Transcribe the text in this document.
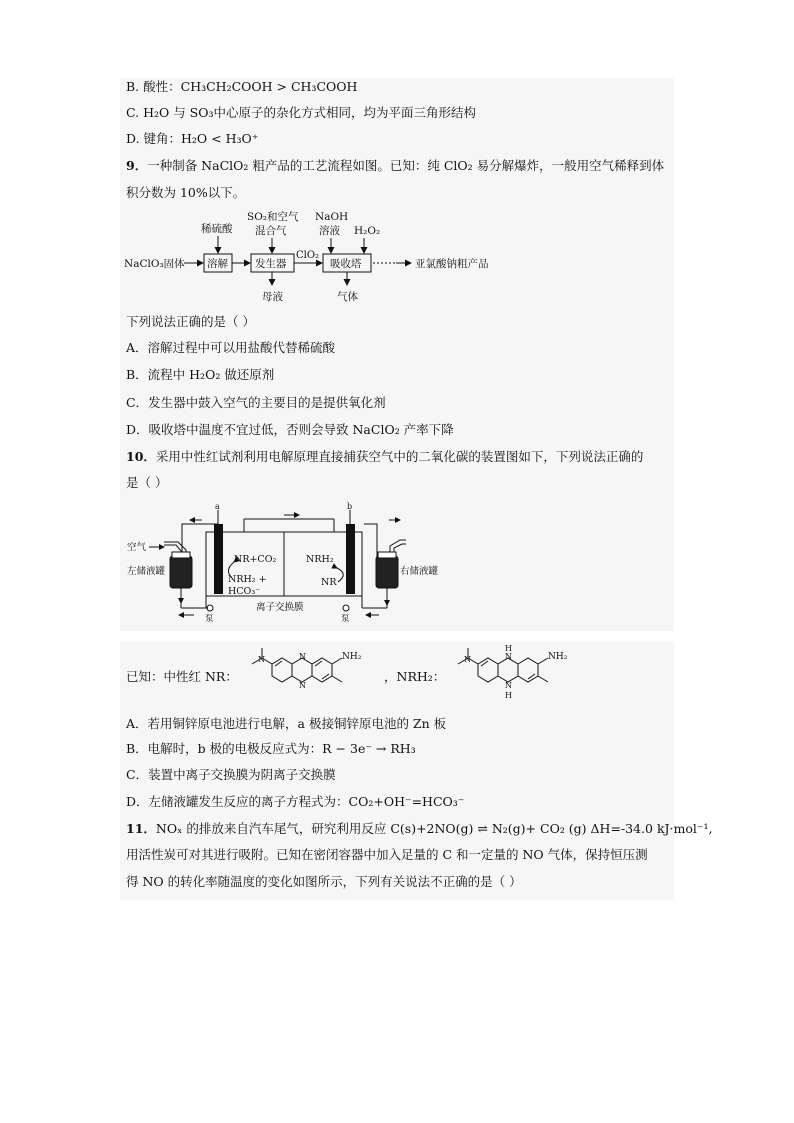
B. 酸性：CH₃CH₂COOH > CH₃COOH
C. H₂O 与 SO₃中心原子的杂化方式相同，均为平面三角形结构
D. 键角：H₂O < H₃O⁺
9．一种制备 NaClO₂ 粗产品的工艺流程如图。已知：纯 ClO₂ 易分解爆炸，一般用空气稀释到体
积分数为 10%以下。
NaClO₃固体 溶解	发生器
ClO₂
吸收塔	亚氯酸钠粗产品
稀硫酸
SO₂和空气
混合气
NaOH
溶液 H₂O₂
母液	气体
下列说法正确的是（ ）
A．溶解过程中可以用盐酸代替稀硫酸
B．流程中 H₂O₂ 做还原剂
C．发生器中鼓入空气的主要目的是提供氧化剂
D．吸收塔中温度不宜过低，否则会导致 NaClO₂ 产率下降
10．采用中性红试剂利用电解原理直接捕获空气中的二氧化碳的装置图如下，下列说法正确的
是（ ）
a	b
NR+CO₂
NRH₂ +
HCO₃⁻
NRH₂
NR
空气
左储液罐
泵
右储液罐
泵
离子交换膜
已知：中性红 NR：
N
N
N	NH₂
，NRH₂：
H
N
N
H
N	NH₂
A．若用铜锌原电池进行电解，a 极接铜锌原电池的 Zn 板
B．电解时，b 极的电极反应式为：R − 3e⁻ → RH₃
C．装置中离子交换膜为阴离子交换膜
D．左储液罐发生反应的离子方程式为：CO₂+OH⁻=HCO₃⁻
11．NOₓ 的排放来自汽车尾气，研究利用反应 C(s)+2NO(g) ⇌ N₂(g)+ CO₂ (g) ΔH=-34.0 kJ·mol⁻¹,
用活性炭可对其进行吸附。已知在密闭容器中加入足量的 C 和一定量的 NO 气体，保持恒压测
得 NO 的转化率随温度的变化如图所示，下列有关说法不正确的是（ ）
